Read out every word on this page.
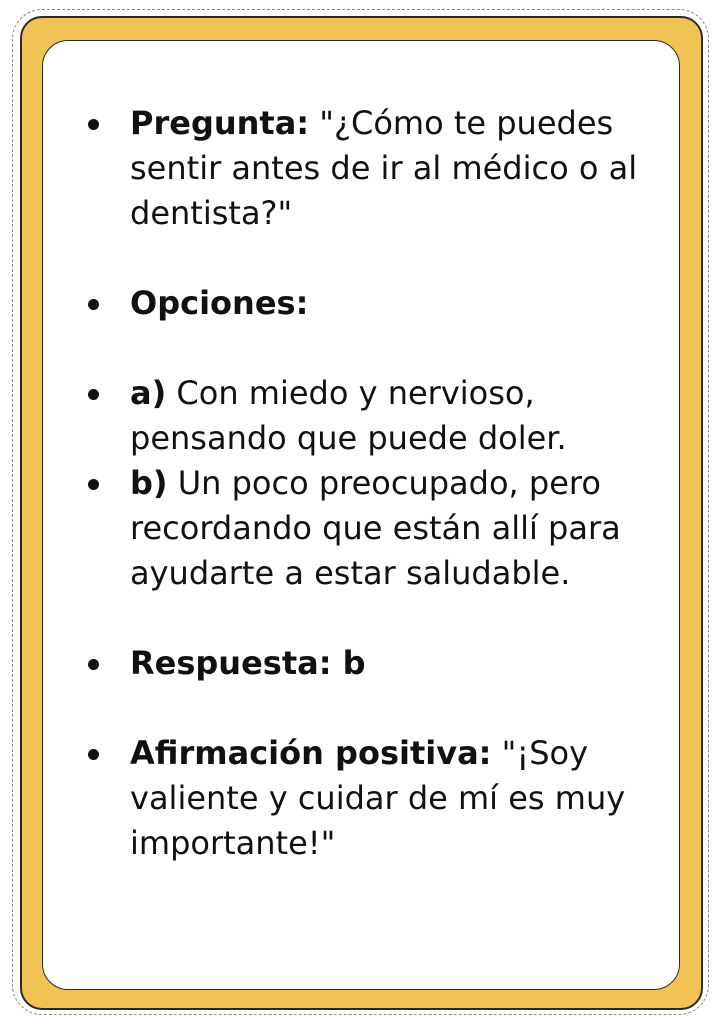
Pregunta: "¿Cómo te puedes sentir antes de ir al médico o al dentista?"
Opciones:
a) Con miedo y nervioso, pensando que puede doler.
b) Un poco preocupado, pero recordando que están allí para ayudarte a estar saludable.
Respuesta: b
Afirmación positiva: "¡Soy valiente y cuidar de mí es muy importante!"
